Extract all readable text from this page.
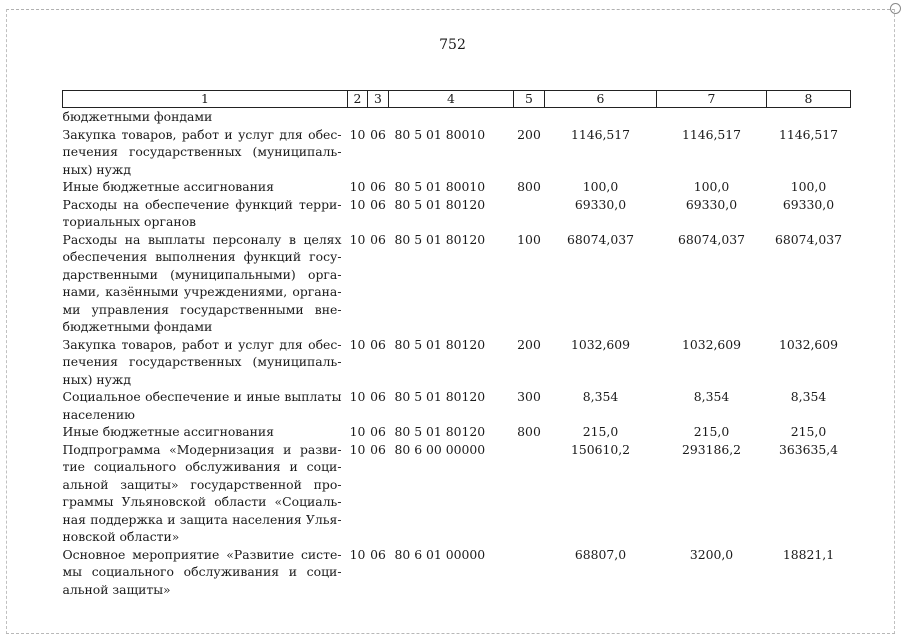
752
1	2	3	4	5	6	7	8
бюджетными фондами							
Закупка товаров, работ и услуг для обеспечения государственных (муниципальных) нужд	10	06	80 5 01 80010	200	1146,517	1146,517	1146,517
Иные бюджетные ассигнования	10	06	80 5 01 80010	800	100,0	100,0	100,0
Расходы на обеспечение функций территориальных органов	10	06	80 5 01 80120		69330,0	69330,0	69330,0
Расходы на выплаты персоналу в целях обеспечения выполнения функций государственными (муниципальными) органами, казёнными учреждениями, органами управления государственными внебюджетными фондами	10	06	80 5 01 80120	100	68074,037	68074,037	68074,037
Закупка товаров, работ и услуг для обеспечения государственных (муниципальных) нужд	10	06	80 5 01 80120	200	1032,609	1032,609	1032,609
Социальное обеспечение и иные выплаты населению	10	06	80 5 01 80120	300	8,354	8,354	8,354
Иные бюджетные ассигнования	10	06	80 5 01 80120	800	215,0	215,0	215,0
Подпрограмма «Модернизация и развитие социального обслуживания и социальной защиты» государственной программы Ульяновской области «Социальная поддержка и защита населения Ульяновской области»	10	06	80 6 00 00000		150610,2	293186,2	363635,4
Основное мероприятие «Развитие системы социального обслуживания и социальной защиты»	10	06	80 6 01 00000		68807,0	3200,0	18821,1
